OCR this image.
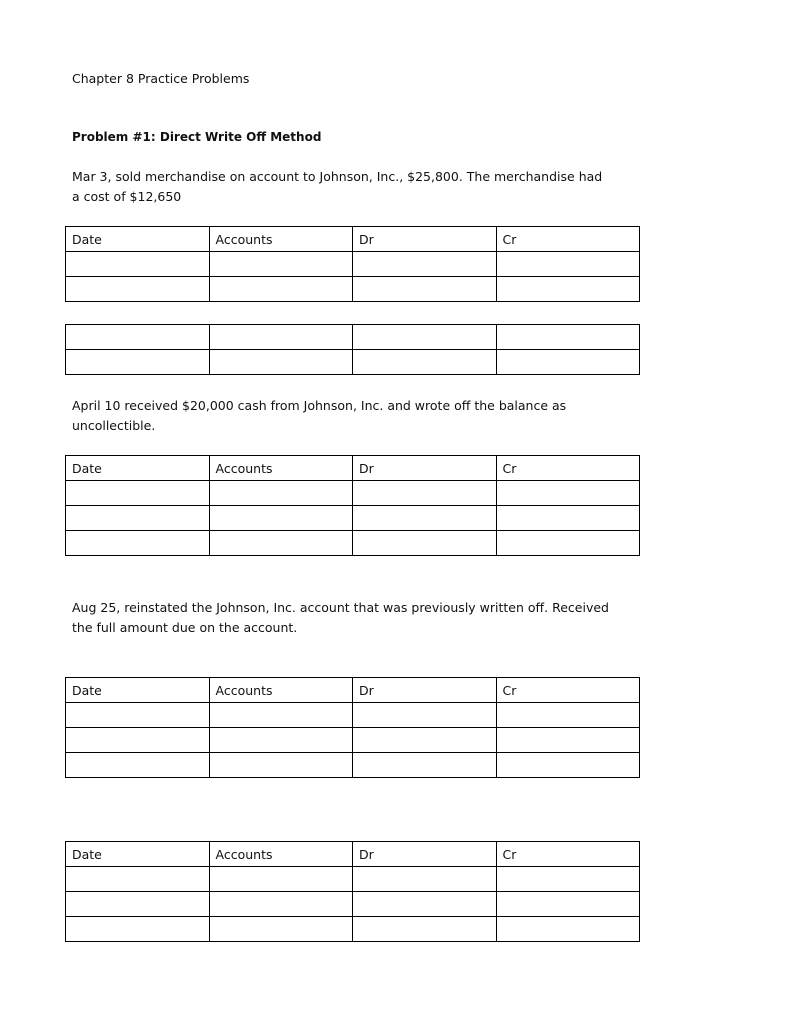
Chapter 8 Practice Problems
Problem #1: Direct Write Off Method

Mar 3, sold merchandise on account to Johnson, Inc., $25,800. The merchandise had a cost of $12,650

Date	Accounts	Dr	Cr

April 10 received $20,000 cash from Johnson, Inc. and wrote off the balance as uncollectible.

Date	Accounts	Dr	Cr

Aug 25, reinstated the Johnson, Inc. account that was previously written off. Received the full amount due on the account.

Date	Accounts	Dr	Cr

Date	Accounts	Dr	Cr
